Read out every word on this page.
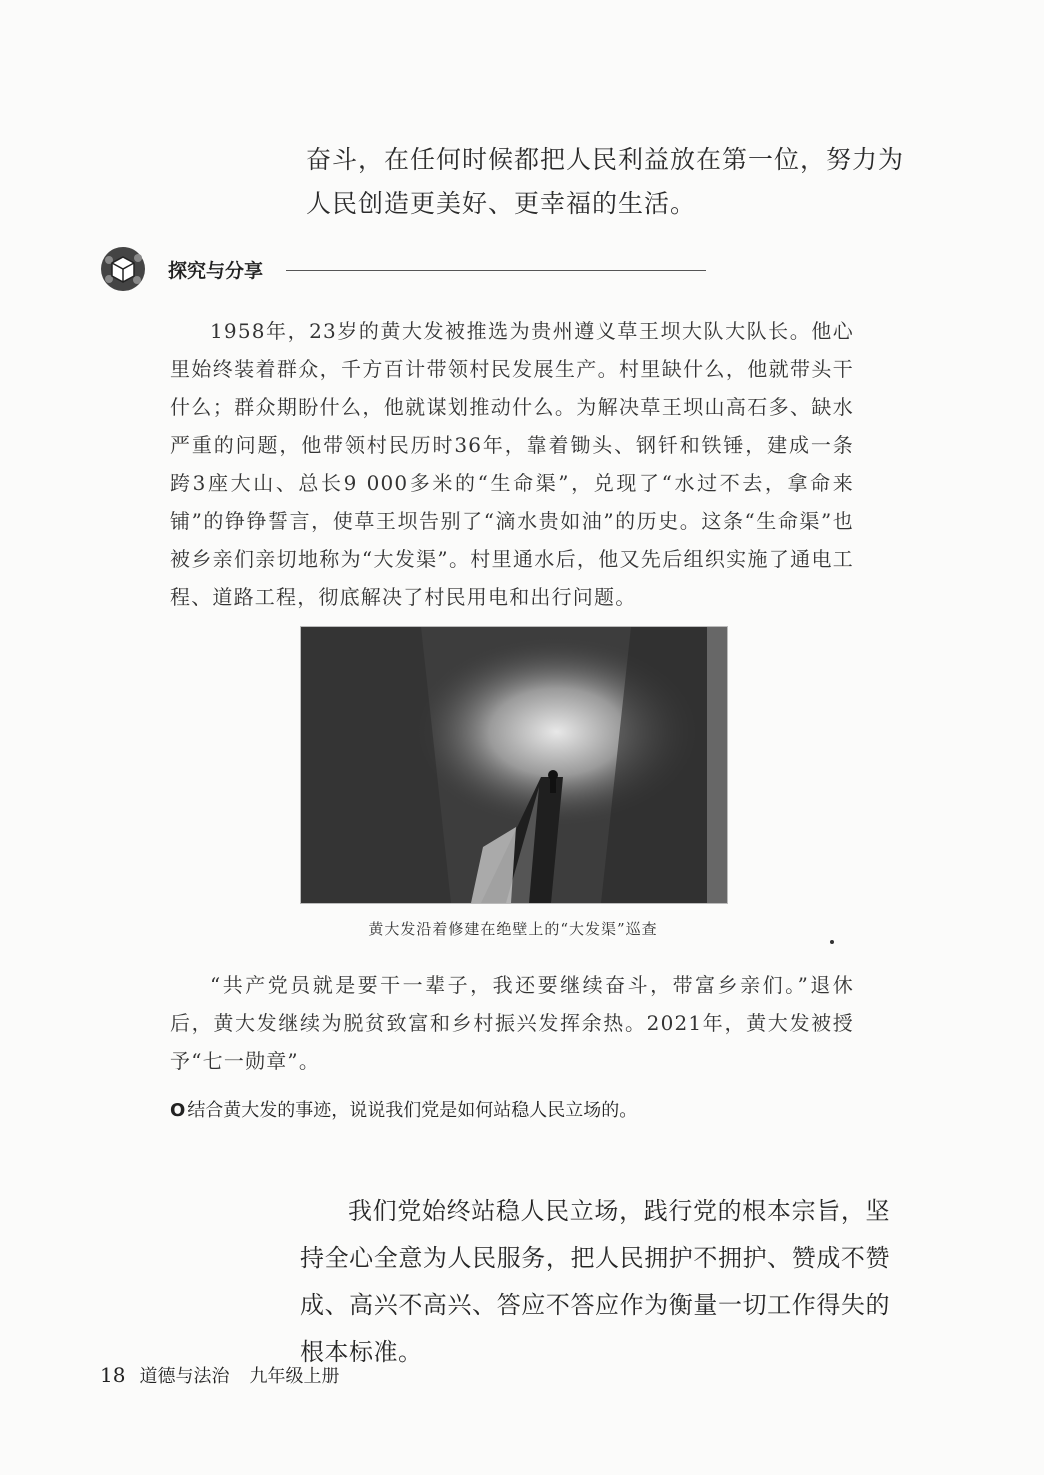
奋斗，在任何时候都把人民利益放在第一位，努力为人民创造更美好、更幸福的生活。
探究与分享
1958年，23岁的黄大发被推选为贵州遵义草王坝大队大队长。他心里始终装着群众，千方百计带领村民发展生产。村里缺什么，他就带头干什么；群众期盼什么，他就谋划推动什么。为解决草王坝山高石多、缺水严重的问题，他带领村民历时36年，靠着锄头、钢钎和铁锤，建成一条跨3座大山、总长9 000多米的“生命渠”，兑现了“水过不去，拿命来铺”的铮铮誓言，使草王坝告别了“滴水贵如油”的历史。这条“生命渠”也被乡亲们亲切地称为“大发渠”。村里通水后，他又先后组织实施了通电工程、道路工程，彻底解决了村民用电和出行问题。
黄大发沿着修建在绝壁上的“大发渠”巡查
“共产党员就是要干一辈子，我还要继续奋斗，带富乡亲们。”退休后，黄大发继续为脱贫致富和乡村振兴发挥余热。2021年，黄大发被授予“七一勋章”。
O 结合黄大发的事迹，说说我们党是如何站稳人民立场的。
我们党始终站稳人民立场，践行党的根本宗旨，坚持全心全意为人民服务，把人民拥护不拥护、赞成不赞成、高兴不高兴、答应不答应作为衡量一切工作得失的根本标准。
18 道德与法治 九年级上册
